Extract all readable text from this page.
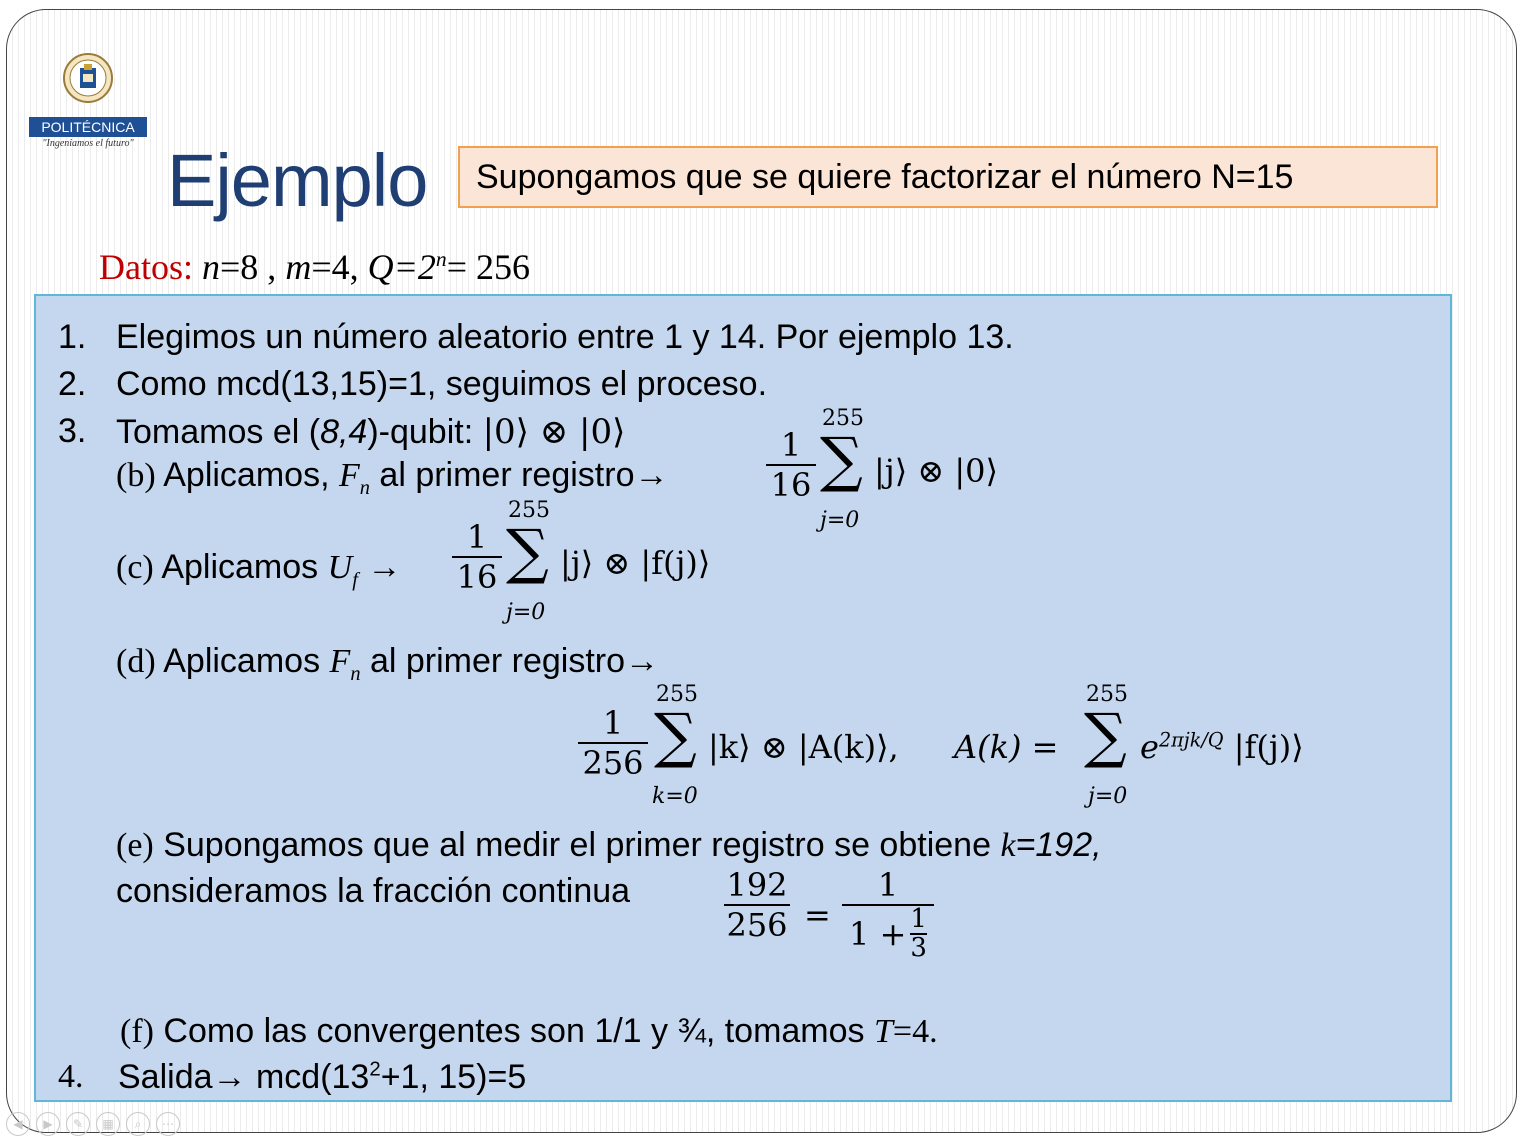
POLITÉCNICA
"Ingeniamos el futuro" Ejemplo	Supongamos que se quiere factorizar el número N=15
Datos: n=8 , m=4, $Q=2^n= 256$
1. Elegimos un número aleatorio entre 1 y 14. Por ejemplo 13.
2. Como mcd(13,15)=1, seguimos el proceso.
3. Tomamos el (8,4)-qubit: |0⟩ ⊗ |0⟩
(b) Aplicamos, $F_n$ al primer registro→
1
16
255
∑
j=0
|j⟩ ⊗ |0⟩
(c) Aplicamos $U_f$ →
1
16
255
∑
j=0
|j⟩ ⊗ |f(j)⟩
(d) Aplicamos $F_n$ al primer registro→
1
256
255
∑
k=0
|k⟩ ⊗ |A(k)⟩, A(k) =
255
∑
j=0
$e^{2\pi jk/Q}$ |f(j)⟩
(e) Supongamos que al medir el primer registro se obtiene k=192,
consideramos la fracción continua	192
256 =
1
1 + 1
3
(f) Como las convergentes son 1/1 y ¾, tomamos T=4.
4. Salida→ $mcd(13^2+1$, 15)=5
◀	▶	✎	▦	⌕	⋯
